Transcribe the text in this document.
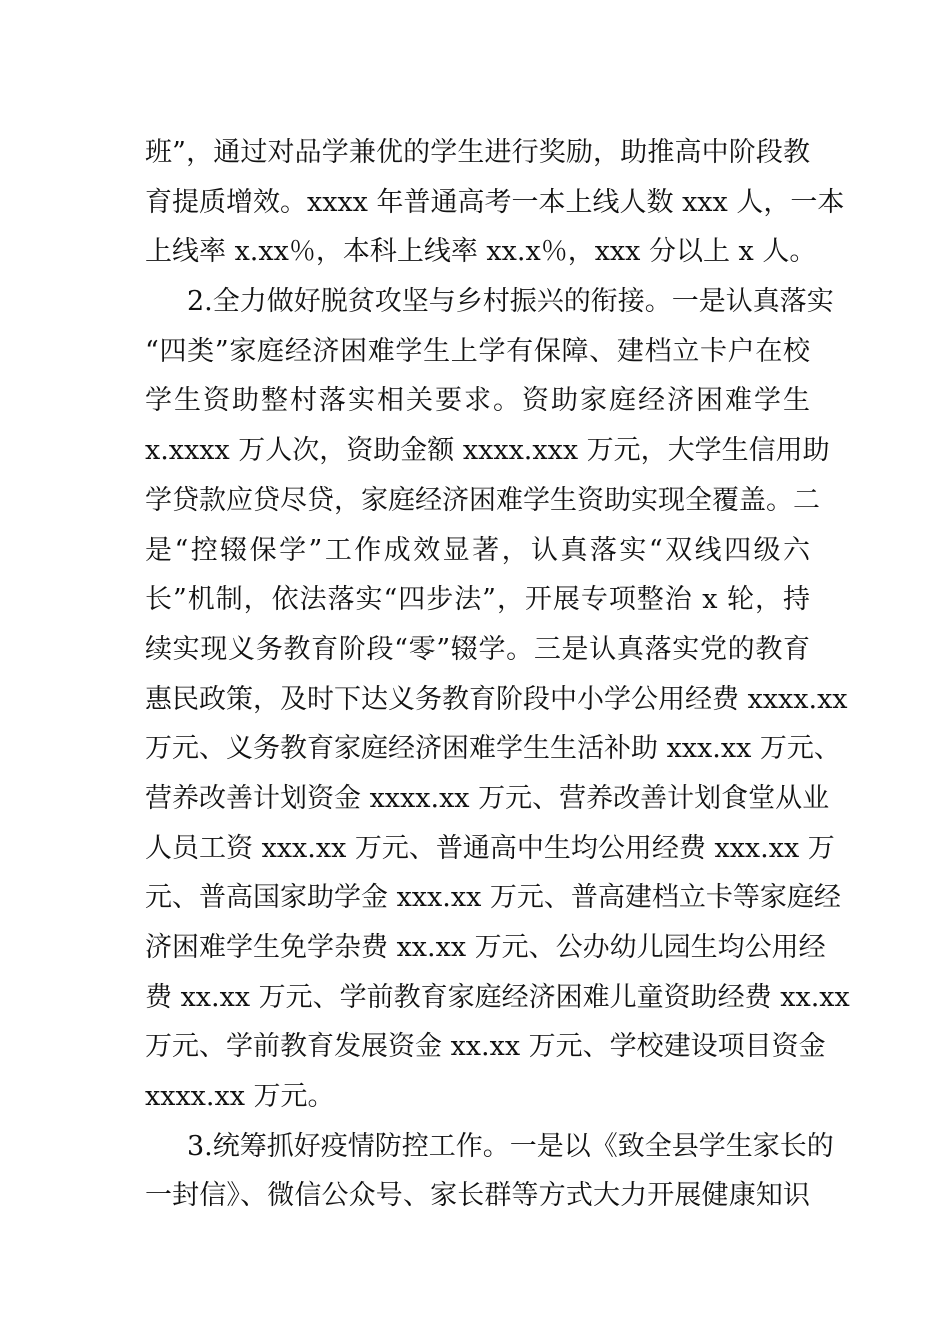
班”，通过对品学兼优的学生进行奖励，助推高中阶段教
育提质增效。xxxx 年普通高考一本上线人数 xxx 人，一本
上线率 x.xx％，本科上线率 xx.x％，xxx 分以上 x 人。
2.全力做好脱贫攻坚与乡村振兴的衔接。一是认真落实
“四类”家庭经济困难学生上学有保障、建档立卡户在校
学生资助整村落实相关要求。资助家庭经济困难学生
x.xxxx 万人次，资助金额 xxxx.xxx 万元，大学生信用助
学贷款应贷尽贷，家庭经济困难学生资助实现全覆盖。二
是“控辍保学”工作成效显著，认真落实“双线四级六
长”机制，依法落实“四步法”，开展专项整治 x 轮，持
续实现义务教育阶段“零”辍学。三是认真落实党的教育
惠民政策，及时下达义务教育阶段中小学公用经费 xxxx.xx
万元、义务教育家庭经济困难学生生活补助 xxx.xx 万元、
营养改善计划资金 xxxx.xx 万元、营养改善计划食堂从业
人员工资 xxx.xx 万元、普通高中生均公用经费 xxx.xx 万
元、普高国家助学金 xxx.xx 万元、普高建档立卡等家庭经
济困难学生免学杂费 xx.xx 万元、公办幼儿园生均公用经
费 xx.xx 万元、学前教育家庭经济困难儿童资助经费 xx.xx
万元、学前教育发展资金 xx.xx 万元、学校建设项目资金
xxxx.xx 万元。
3.统筹抓好疫情防控工作。一是以《致全县学生家长的
一封信》、微信公众号、家长群等方式大力开展健康知识
